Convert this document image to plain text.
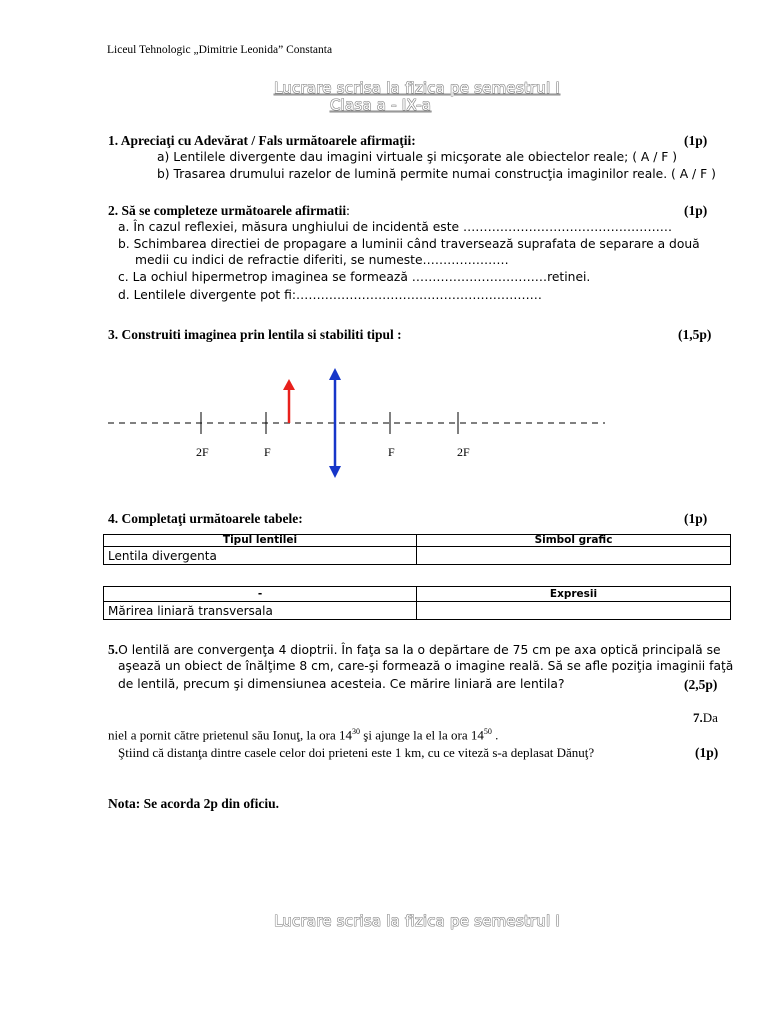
Liceul Tehnologic „Dimitrie Leonida” Constanta
Lucrare scrisa la fizica pe semestrul I
Clasa a - IX-a
1. Apreciaţi cu Adevărat / Fals următoarele afirmaţii:	(1p)
a) Lentilele divergente dau imagini virtuale şi micşorate ale obiectelor reale; ( A / F )
b) Trasarea drumului razelor de lumină permite numai construcţia imaginilor reale. ( A / F )
2. Să se completeze următoarele afirmatii:	(1p)
a. În cazul reflexiei, măsura unghiului de incidentă este ……………………………………………
b. Schimbarea directiei de propagare a luminii când traversează suprafata de separare a două
medii cu indici de refractie diferiti, se numeste…………………
c. La ochiul hipermetrop imaginea se formează ……………………………retinei.
d. Lentilele divergente pot fi:……………………………………………………
3. Construiti imaginea prin lentila si stabiliti tipul :	(1,5p)
2F	F	F	2F
4. Completaţi următoarele tabele:	(1p)
Tipul lentilei	Simbol grafic
Lentila divergenta	
-	Expresii
Mărirea liniară transversala	
5.O lentilă are convergenţa 4 dioptrii. În faţa sa la o depărtare de 75 cm pe axa optică principală se
aşează un obiect de înălţime 8 cm, care-şi formează o imagine reală. Să se afle poziţia imaginii faţă
de lentilă, precum şi dimensiunea acesteia. Ce mărire liniară are lentila?	(2,5p)
7.Da
niel a pornit către prietenul său Ionuţ, la ora $14^{30}$ şi ajunge la el la ora $14^{50}$ .
Ştiind că distanţa dintre casele celor doi prieteni este 1 km, cu ce viteză s-a deplasat Dănuţ?	(1p)
Nota: Se acorda 2p din oficiu.
Lucrare scrisa la fizica pe semestrul I
